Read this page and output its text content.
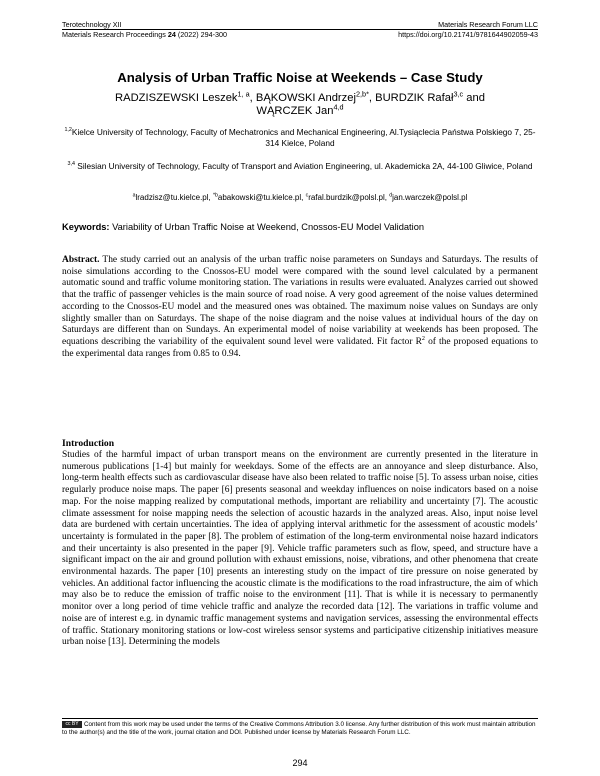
Terotechnology XII	Materials Research Forum LLC
Materials Research Proceedings 24 (2022) 294-300	https://doi.org/10.21741/9781644902059-43
Analysis of Urban Traffic Noise at Weekends – Case Study
RADZISZEWSKI Leszek$^{1, a}$, BĄKOWSKI Andrzej$^{2,b*}$, BURDZIK Rafał$^{3,c}$ and
WĄRCZEK Jan$^{4,d}$
$^{1,2}$Kielce University of Technology, Faculty of Mechatronics and Mechanical Engineering, Al.Tysiąclecia Państwa Polskiego 7, 25-314 Kielce, Poland
$^{3,4}$ Silesian University of Technology, Faculty of Transport and Aviation Engineering, ul. Akademicka 2A, 44-100 Gliwice, Poland
$^a$lradzisz@tu.kielce.pl, $^{*b}$abakowski@tu.kielce.pl, $^c$rafal.burdzik@polsl.pl, $^d$jan.warczek@polsl.pl
Keywords: Variability of Urban Traffic Noise at Weekend, Cnossos-EU Model Validation

Abstract. The study carried out an analysis of the urban traffic noise parameters on Sundays and Saturdays. The results of noise simulations according to the Cnossos-EU model were compared with the sound level calculated by a permanent automatic sound and traffic volume monitoring station. The variations in results were evaluated. Analyzes carried out showed that the traffic of passenger vehicles is the main source of road noise. A very good agreement of the noise values determined according to the Cnossos-EU model and the measured ones was obtained. The maximum noise values on Sundays are only slightly smaller than on Saturdays. The shape of the noise diagram and the noise values at individual hours of the day on Saturdays are different than on Sundays. An experimental model of noise variability at weekends has been proposed. The equations describing the variability of the equivalent sound level were validated. Fit factor $R^2$ of the proposed equations to the experimental data ranges from 0.85 to 0.94.

Introduction

Studies of the harmful impact of urban transport means on the environment are currently presented in the literature in numerous publications [1-4] but mainly for weekdays. Some of the effects are an annoyance and sleep disturbance. Also, long-term health effects such as cardiovascular disease have also been related to traffic noise [5]. To assess urban noise, cities regularly produce noise maps. The paper [6] presents seasonal and weekday influences on noise indicators based on a noise map. For the noise mapping realized by computational methods, important are reliability and uncertainty [7]. The acoustic climate assessment for noise mapping needs the selection of acoustic hazards in the analyzed areas. Also, input noise level data are burdened with certain uncertainties. The idea of applying interval arithmetic for the assessment of acoustic models’ uncertainty is formulated in the paper [8]. The problem of estimation of the long-term environmental noise hazard indicators and their uncertainty is also presented in the paper [9]. Vehicle traffic parameters such as flow, speed, and structure have a significant impact on the air and ground pollution with exhaust emissions, noise, vibrations, and other phenomena that create environmental hazards. The paper [10] presents an interesting study on the impact of tire pressure on noise generated by vehicles. An additional factor influencing the acoustic climate is the modifications to the road infrastructure, the aim of which may also be to reduce the emission of traffic noise to the environment [11]. That is while it is necessary to permanently monitor over a long period of time vehicle traffic and analyze the recorded data [12]. The variations in traffic volume and noise are of interest e.g. in dynamic traffic management systems and navigation services, assessing the environmental effects of traffic. Stationary monitoring stations or low-cost wireless sensor systems and participative citizenship initiatives measure urban noise [13]. Determining the models

cc BY Content from this work may be used under the terms of the Creative Commons Attribution 3.0 license. Any further distribution of this work must maintain attribution to the author(s) and the title of the work, journal citation and DOI. Published under license by Materials Research Forum LLC.
294
